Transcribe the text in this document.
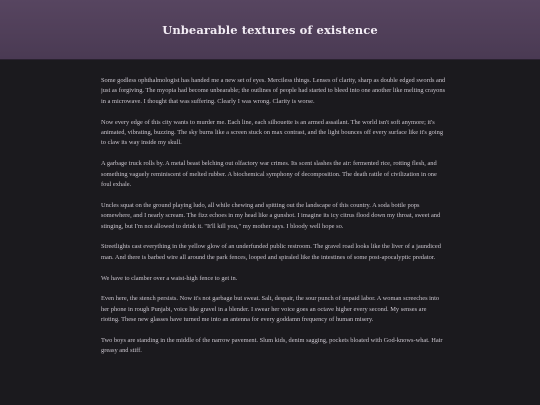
Unbearable textures of existence

Some godless ophthalmologist has handed me a new set of eyes. Merciless things. Lenses of clarity, sharp as double edged swords and just as forgiving. The myopia had become unbearable; the outlines of people had started to bleed into one another like melting crayons in a microwave. I thought that was suffering. Clearly I was wrong. Clarity is worse.

Now every edge of this city wants to murder me. Each line, each silhouette is an armed assailant. The world isn't soft anymore; it's animated, vibrating, buzzing. The sky burns like a screen stuck on max contrast, and the light bounces off every surface like it's going to claw its way inside my skull.

A garbage truck rolls by. A metal beast belching out olfactory war crimes. Its scent slashes the air: fermented rice, rotting flesh, and something vaguely reminiscent of melted rubber. A biochemical symphony of decomposition. The death rattle of civilization in one foul exhale.

Uncles squat on the ground playing ludo, all while chewing and spitting out the landscape of this country. A soda bottle pops somewhere, and I nearly scream. The fizz echoes in my head like a gunshot. I imagine its icy citrus flood down my throat, sweet and stinging, but I'm not allowed to drink it. "It'll kill you," my mother says. I bloody well hope so.

Streetlights cast everything in the yellow glow of an underfunded public restroom. The gravel road looks like the liver of a jaundiced man. And there is barbed wire all around the park fences, looped and spiraled like the intestines of some post-apocalyptic predator.

We have to clamber over a waist-high fence to get in.

Even here, the stench persists. Now it's not garbage but sweat. Salt, despair, the sour punch of unpaid labor. A woman screeches into her phone in rough Punjabi, voice like gravel in a blender. I swear her voice goes an octave higher every second. My senses are rioting. These new glasses have turned me into an antenna for every goddamn frequency of human misery.

Two boys are standing in the middle of the narrow pavement. Slum kids, denim sagging, pockets bloated with God-knows-what. Hair greasy and stiff.
